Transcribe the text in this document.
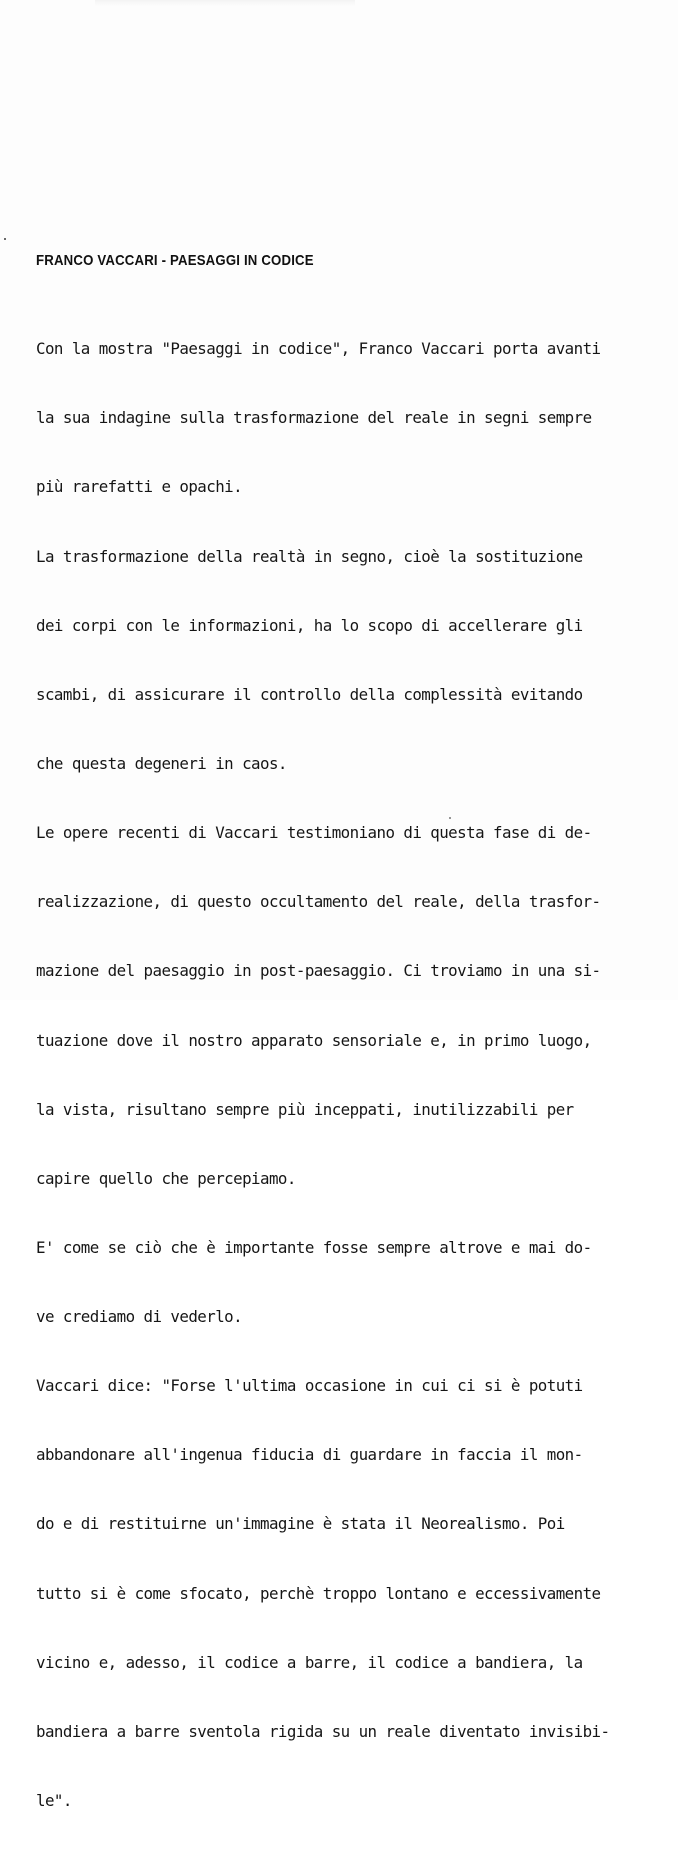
FRANCO VACCARI - PAESAGGI IN CODICE

Con la mostra "Paesaggi in codice", Franco Vaccari porta avanti

la sua indagine sulla trasformazione del reale in segni sempre

più rarefatti e opachi.

La trasformazione della realtà in segno, cioè la sostituzione

dei corpi con le informazioni, ha lo scopo di accellerare gli

scambi, di assicurare il controllo della complessità evitando

che questa degeneri in caos.

Le opere recenti di Vaccari testimoniano di questa fase di de-

realizzazione, di questo occultamento del reale, della trasfor-

mazione del paesaggio in post-paesaggio. Ci troviamo in una si-

tuazione dove il nostro apparato sensoriale e, in primo luogo,

la vista, risultano sempre più inceppati, inutilizzabili per

capire quello che percepiamo.

E' come se ciò che è importante fosse sempre altrove e mai do-

ve crediamo di vederlo.

Vaccari dice: "Forse l'ultima occasione in cui ci si è potuti

abbandonare all'ingenua fiducia di guardare in faccia il mon-

do e di restituirne un'immagine è stata il Neorealismo. Poi

tutto si è come sfocato, perchè troppo lontano e eccessivamente

vicino e, adesso, il codice a barre, il codice a bandiera, la

bandiera a barre sventola rigida su un reale diventato invisibi-

le".
